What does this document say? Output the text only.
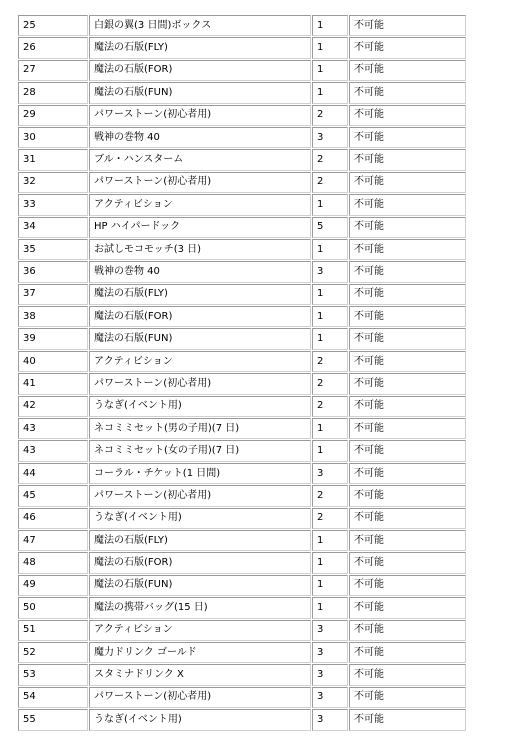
25	白銀の翼(3 日間)ボックス	1	不可能
26	魔法の石版(FLY)	1	不可能
27	魔法の石版(FOR)	1	不可能
28	魔法の石版(FUN)	1	不可能
29	パワーストーン(初心者用)	2	不可能
30	戦神の巻物 40	3	不可能
31	ブル・ハンスターム	2	不可能
32	パワーストーン(初心者用)	2	不可能
33	アクティビション	1	不可能
34	HP ハイパードック	5	不可能
35	お試しモコモッチ(3 日)	1	不可能
36	戦神の巻物 40	3	不可能
37	魔法の石版(FLY)	1	不可能
38	魔法の石版(FOR)	1	不可能
39	魔法の石版(FUN)	1	不可能
40	アクティビション	2	不可能
41	パワーストーン(初心者用)	2	不可能
42	うなぎ(イベント用)	2	不可能
43	ネコミミセット(男の子用)(7 日)	1	不可能
43	ネコミミセット(女の子用)(7 日)	1	不可能
44	コーラル・チケット(1 日間)	3	不可能
45	パワーストーン(初心者用)	2	不可能
46	うなぎ(イベント用)	2	不可能
47	魔法の石版(FLY)	1	不可能
48	魔法の石版(FOR)	1	不可能
49	魔法の石版(FUN)	1	不可能
50	魔法の携帯バッグ(15 日)	1	不可能
51	アクティビション	3	不可能
52	魔力ドリンク ゴールド	3	不可能
53	スタミナドリンク X	3	不可能
54	パワーストーン(初心者用)	3	不可能
55	うなぎ(イベント用)	3	不可能
